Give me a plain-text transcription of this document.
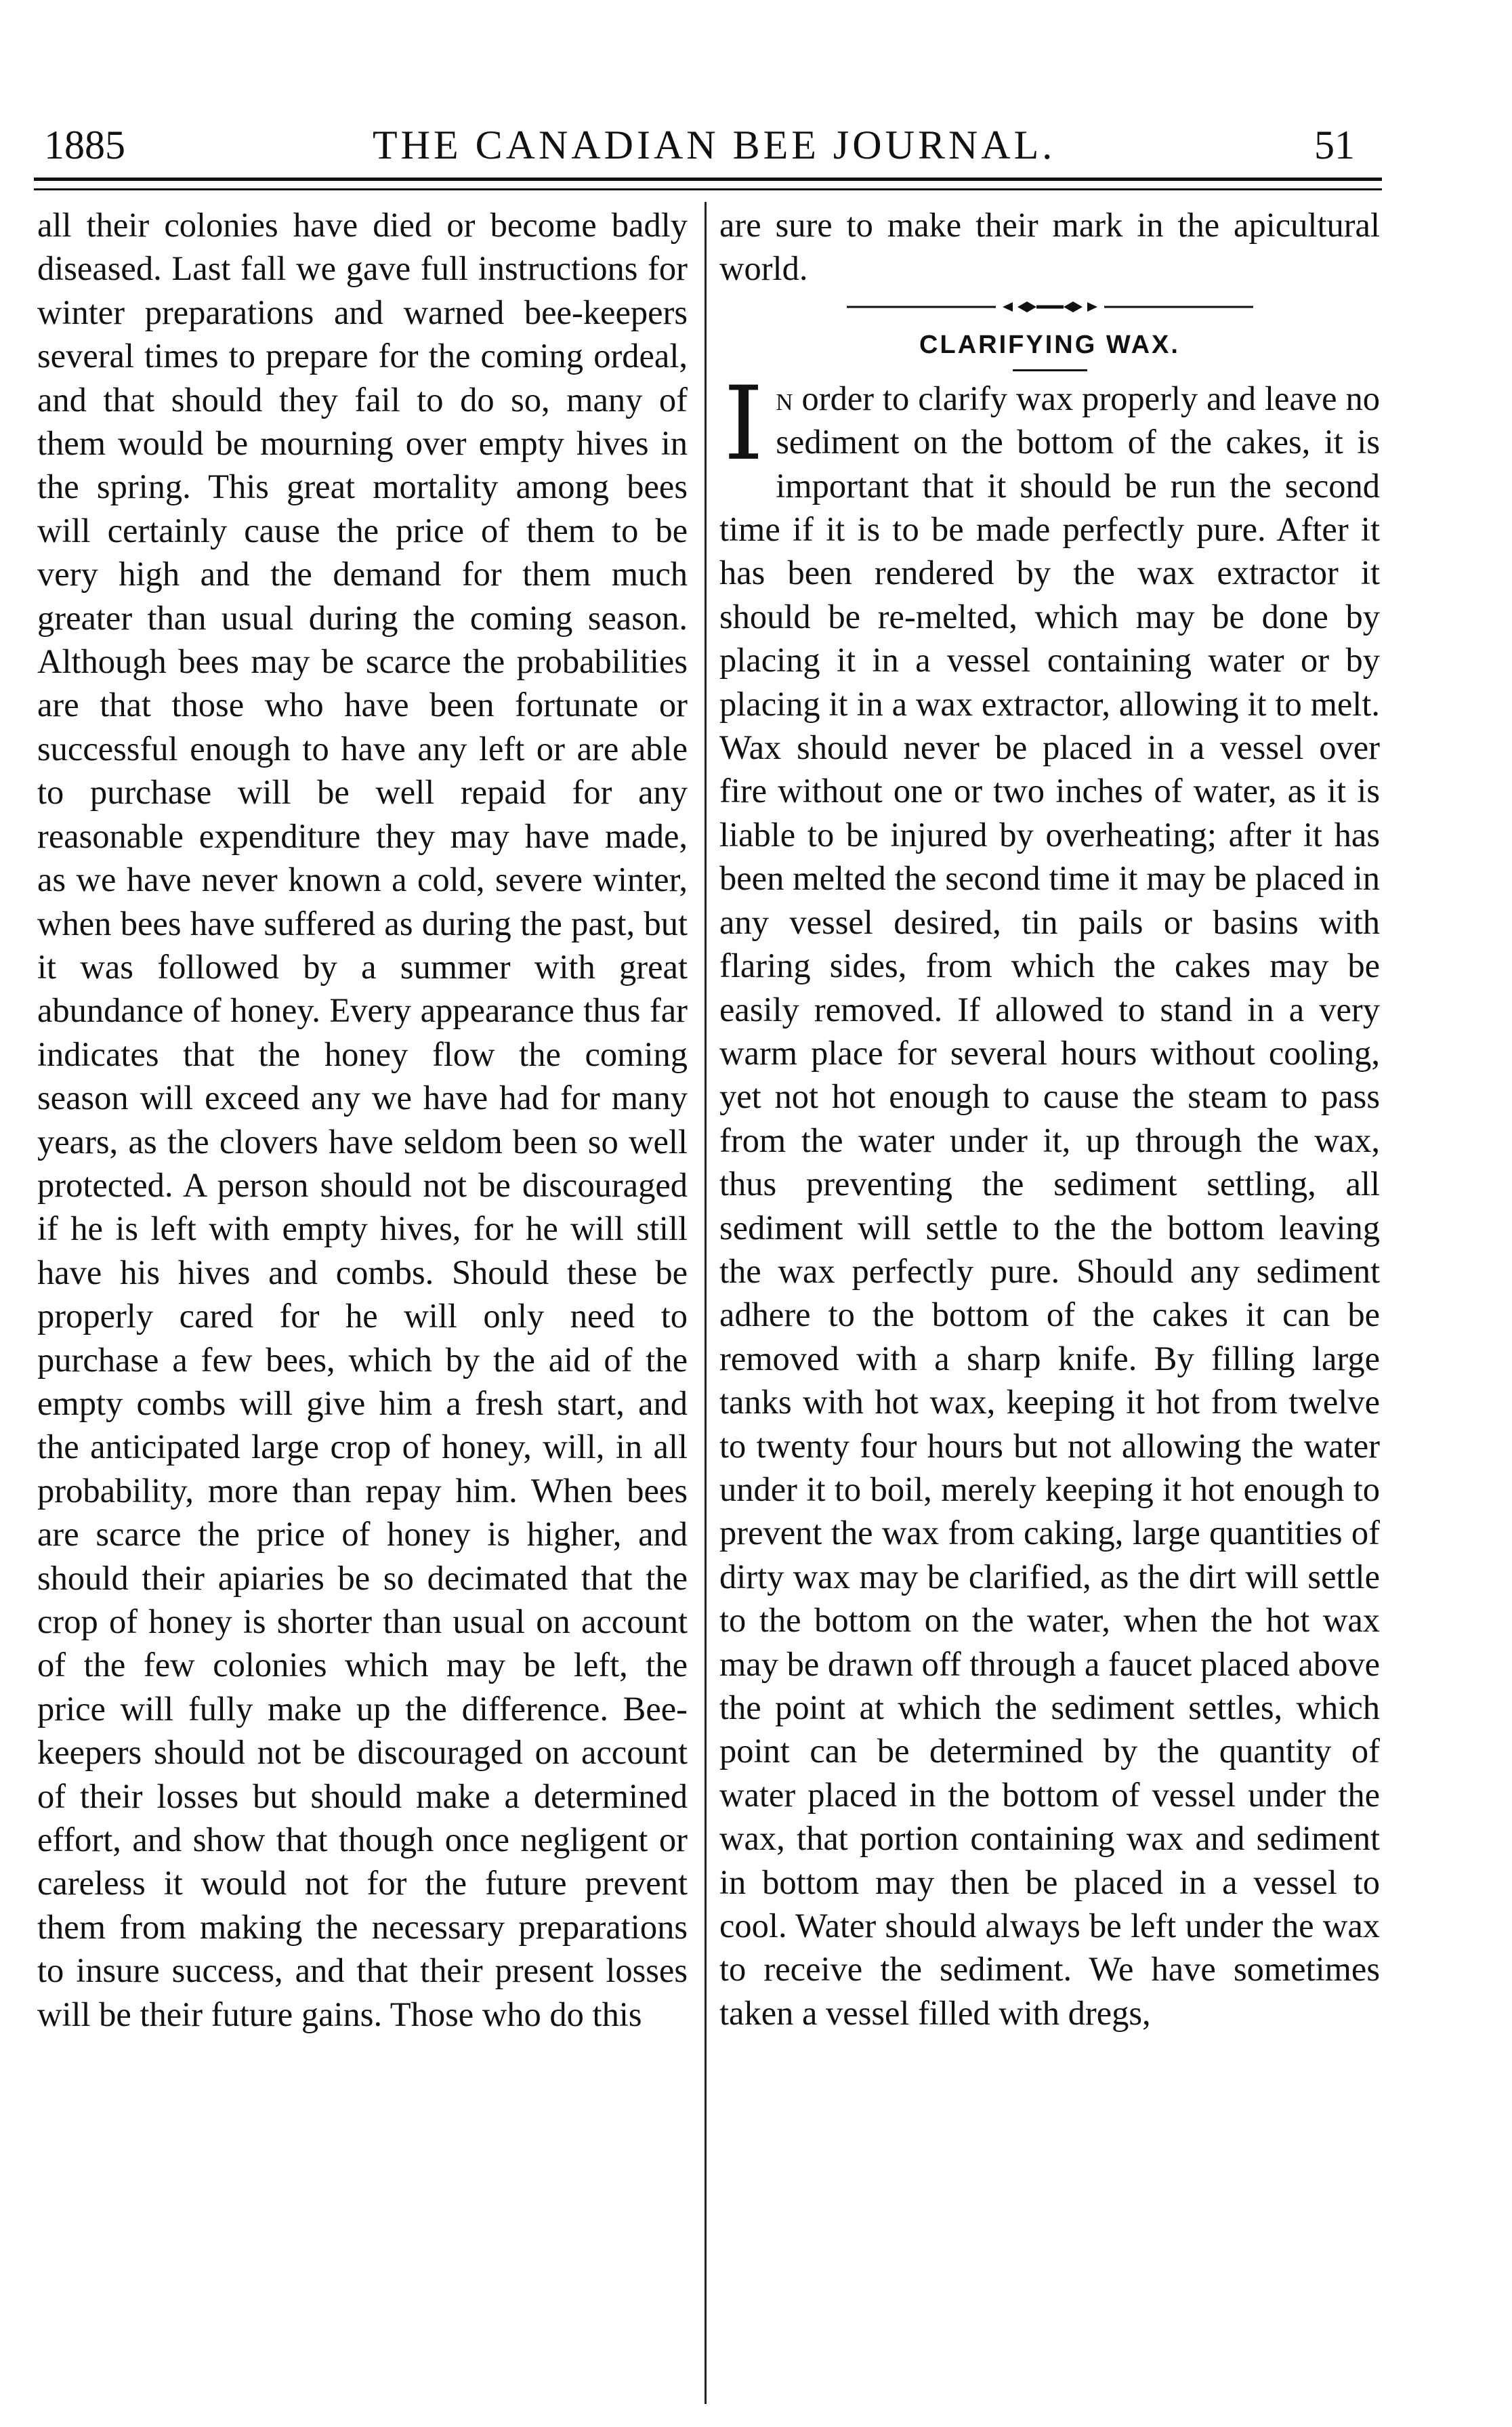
1885	THE CANADIAN BEE JOURNAL.	51

all their colonies have died or become badly diseased. Last fall we gave full instructions for winter preparations and warned bee-keepers several times to prepare for the coming ordeal, and that should they fail to do so, many of them would be mourning over empty hives in the spring. This great mortality among bees will certainly cause the price of them to be very high and the demand for them much greater than usual during the coming season. Although bees may be scarce the probabilities are that those who have been fortunate or successful enough to have any left or are able to purchase will be well repaid for any reasonable expenditure they may have made, as we have never known a cold, severe winter, when bees have suffered as during the past, but it was followed by a summer with great abundance of honey. Every appearance thus far indicates that the honey flow the coming season will exceed any we have had for many years, as the clovers have seldom been so well protected. A person should not be discouraged if he is left with empty hives, for he will still have his hives and combs. Should these be properly cared for he will only need to purchase a few bees, which by the aid of the empty combs will give him a fresh start, and the anticipated large crop of honey, will, in all probability, more than repay him. When bees are scarce the price of honey is higher, and should their apiaries be so decimated that the crop of honey is shorter than usual on account of the few colonies which may be left, the price will fully make up the difference. Bee-keepers should not be discouraged on account of their losses but should make a determined effort, and show that though once negligent or careless it would not for the future prevent them from making the necessary preparations to insure success, and that their present losses will be their future gains. Those who do this

are sure to make their mark in the apicultural world.

CLARIFYING WAX.

I n order to clarify wax properly and leave no sediment on the bottom of the cakes, it is important that it should be run the second time if it is to be made perfectly pure. After it has been rendered by the wax extractor it should be re-melted, which may be done by placing it in a vessel containing water or by placing it in a wax extractor, allowing it to melt. Wax should never be placed in a vessel over fire without one or two inches of water, as it is liable to be injured by overheating; after it has been melted the second time it may be placed in any vessel desired, tin pails or basins with flaring sides, from which the cakes may be easily removed. If allowed to stand in a very warm place for several hours without cooling, yet not hot enough to cause the steam to pass from the water under it, up through the wax, thus preventing the sediment settling, all sediment will settle to the the bottom leaving the wax perfectly pure. Should any sediment adhere to the bottom of the cakes it can be removed with a sharp knife. By filling large tanks with hot wax, keeping it hot from twelve to twenty four hours but not allowing the water under it to boil, merely keeping it hot enough to prevent the wax from caking, large quantities of dirty wax may be clarified, as the dirt will settle to the bottom on the water, when the hot wax may be drawn off through a faucet placed above the point at which the sediment settles, which point can be determined by the quantity of water placed in the bottom of vessel under the wax, that portion containing wax and sediment in bottom may then be placed in a vessel to cool. Water should always be left under the wax to receive the sediment. We have sometimes taken a vessel filled with dregs,
